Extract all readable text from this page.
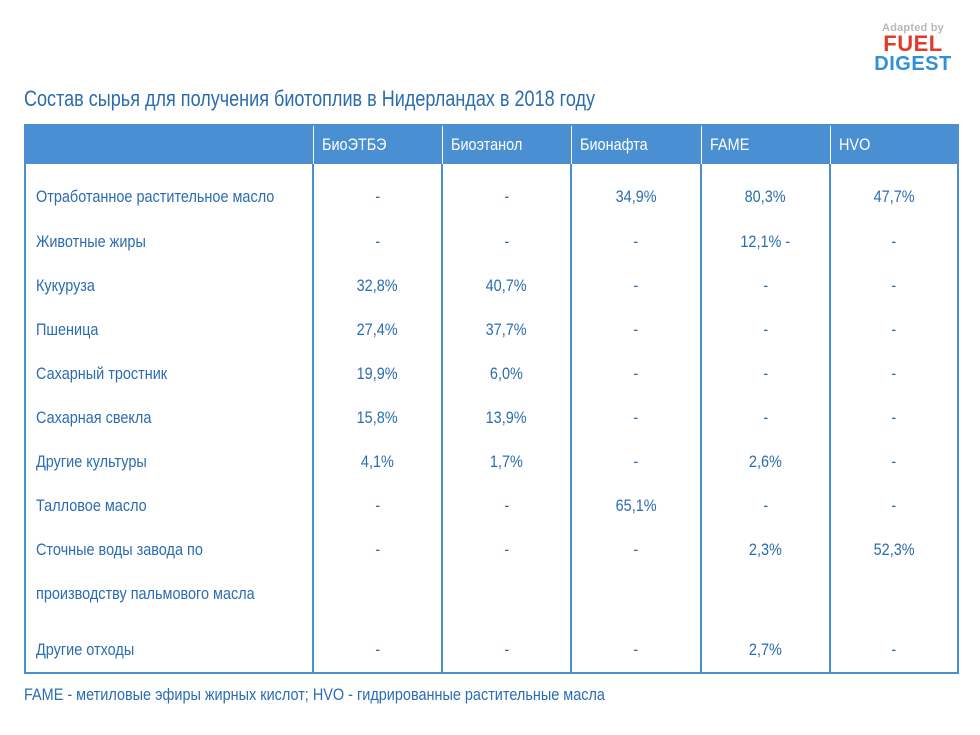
Adapted by
FUEL
DIGEST
Состав сырья для получения биотоплив в Нидерландах в 2018 году
	БиоЭТБЭ	Биоэтанол	Бионафта	FAME	HVO
Отработанное растительное масло	-	-	34,9%	80,3%	47,7%
Животные жиры	-	-	-	12,1% -	-
Кукуруза	32,8%	40,7%	-	-	-
Пшеница	27,4%	37,7%	-	-	-
Сахарный тростник	19,9%	6,0%	-	-	-
Сахарная свекла	15,8%	13,9%	-	-	-
Другие культуры	4,1%	1,7%	-	2,6%	-
Талловое масло	-	-	65,1%	-	-
Сточные воды завода по
производству пальмового масла	-	-	-	2,3%	52,3%
Другие отходы	-	-	-	2,7%	-
FAME - метиловые эфиры жирных кислот; HVO - гидрированные растительные масла
